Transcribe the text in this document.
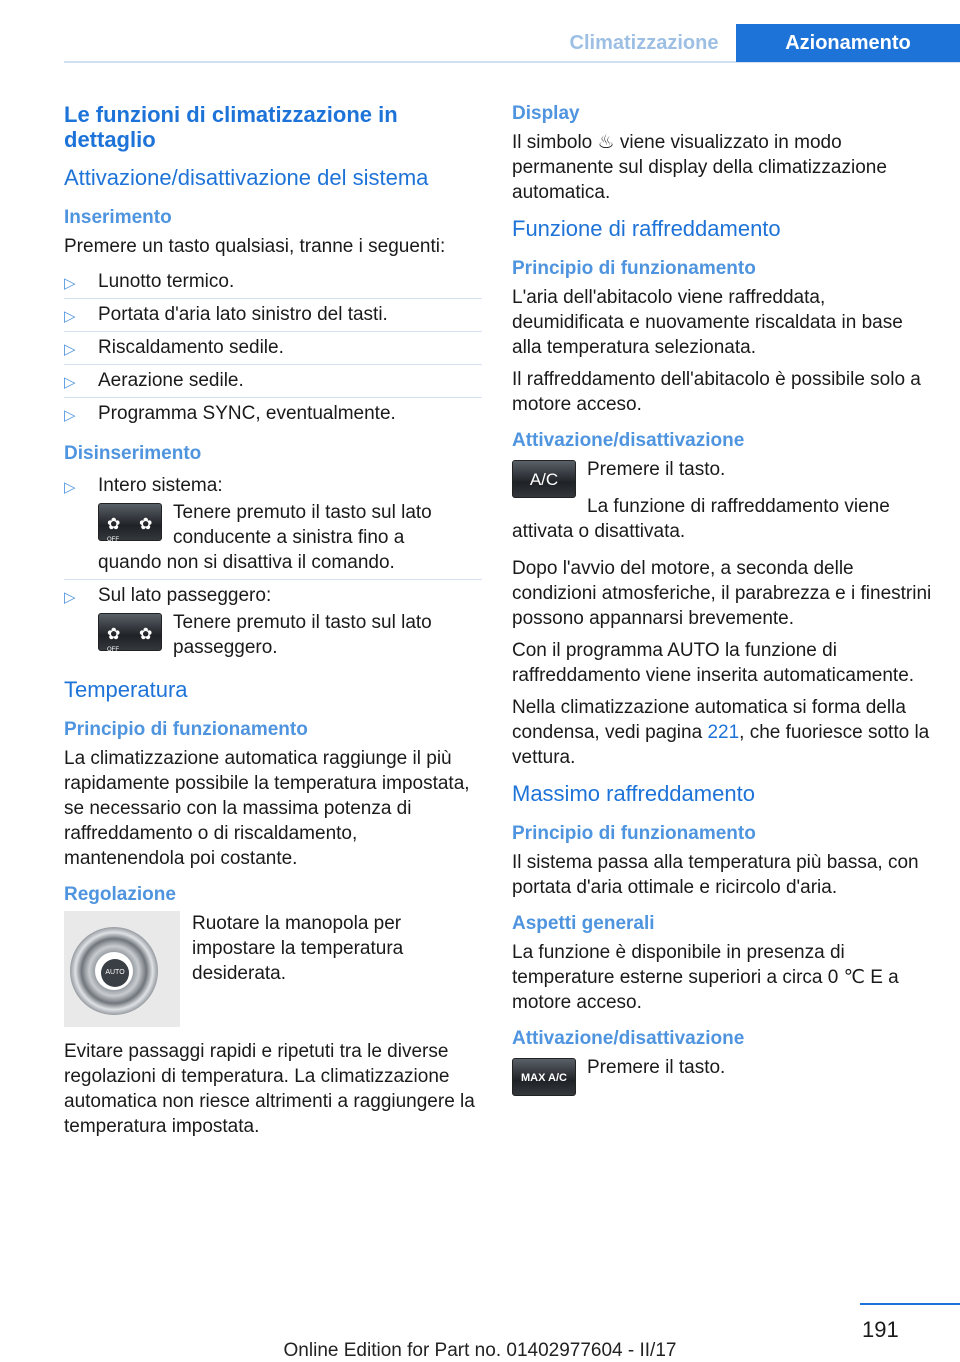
Climatizzazione	Azionamento
Le funzioni di climatizzazione in dettaglio
Attivazione/disattivazione del sistema
Inserimento

Premere un tasto qualsiasi, tranne i seguenti:

▷ Lunotto termico.
▷ Portata d'aria lato sinistro del tasti.
▷ Riscaldamento sedile.
▷ Aerazione sedile.
▷ Programma SYNC, eventualmente.
Disinserimento
▷ Intero sistema:
✿
OFF
✿

Tenere premuto il tasto sul lato conducente a sinistra fino a

quando non si disattiva il comando.
▷ Sul lato passeggero:
✿
OFF
✿

Tenere premuto il tasto sul lato passeggero.

Temperatura
Principio di funzionamento

La climatizzazione automatica raggiunge il più rapidamente possibile la temperatura impostata, se necessario con la massima potenza di raffreddamento o di riscaldamento, mantenendola poi costante.

Regolazione
AUTO

Ruotare la manopola per impostare la temperatura desiderata.

Evitare passaggi rapidi e ripetuti tra le diverse regolazioni di temperatura. La climatizzazione automatica non riesce altrimenti a raggiungere la temperatura impostata.

Display

Il simbolo ♨ viene visualizzato in modo permanente sul display della climatizzazione automatica.

Funzione di raffreddamento
Principio di funzionamento

L'aria dell'abitacolo viene raffreddata, deumidificata e nuovamente riscaldata in base alla temperatura selezionata.

Il raffreddamento dell'abitacolo è possibile solo a motore acceso.

Attivazione/disattivazione
A/C	Premere il tasto.

La funzione di raffreddamento viene attivata o disattivata.

Dopo l'avvio del motore, a seconda delle condizioni atmosferiche, il parabrezza e i finestrini possono appannarsi brevemente.

Con il programma AUTO la funzione di raffreddamento viene inserita automaticamente.

Nella climatizzazione automatica si forma della condensa, vedi pagina 221, che fuoriesce sotto la vettura.

Massimo raffreddamento
Principio di funzionamento

Il sistema passa alla temperatura più bassa, con portata d'aria ottimale e ricircolo d'aria.

Aspetti generali

La funzione è disponibile in presenza di temperature esterne superiori a circa 0 ℃ E a motore acceso.

Attivazione/disattivazione
MAX A/C	Premere il tasto.

191
Online Edition for Part no. 01402977604 - II/17
